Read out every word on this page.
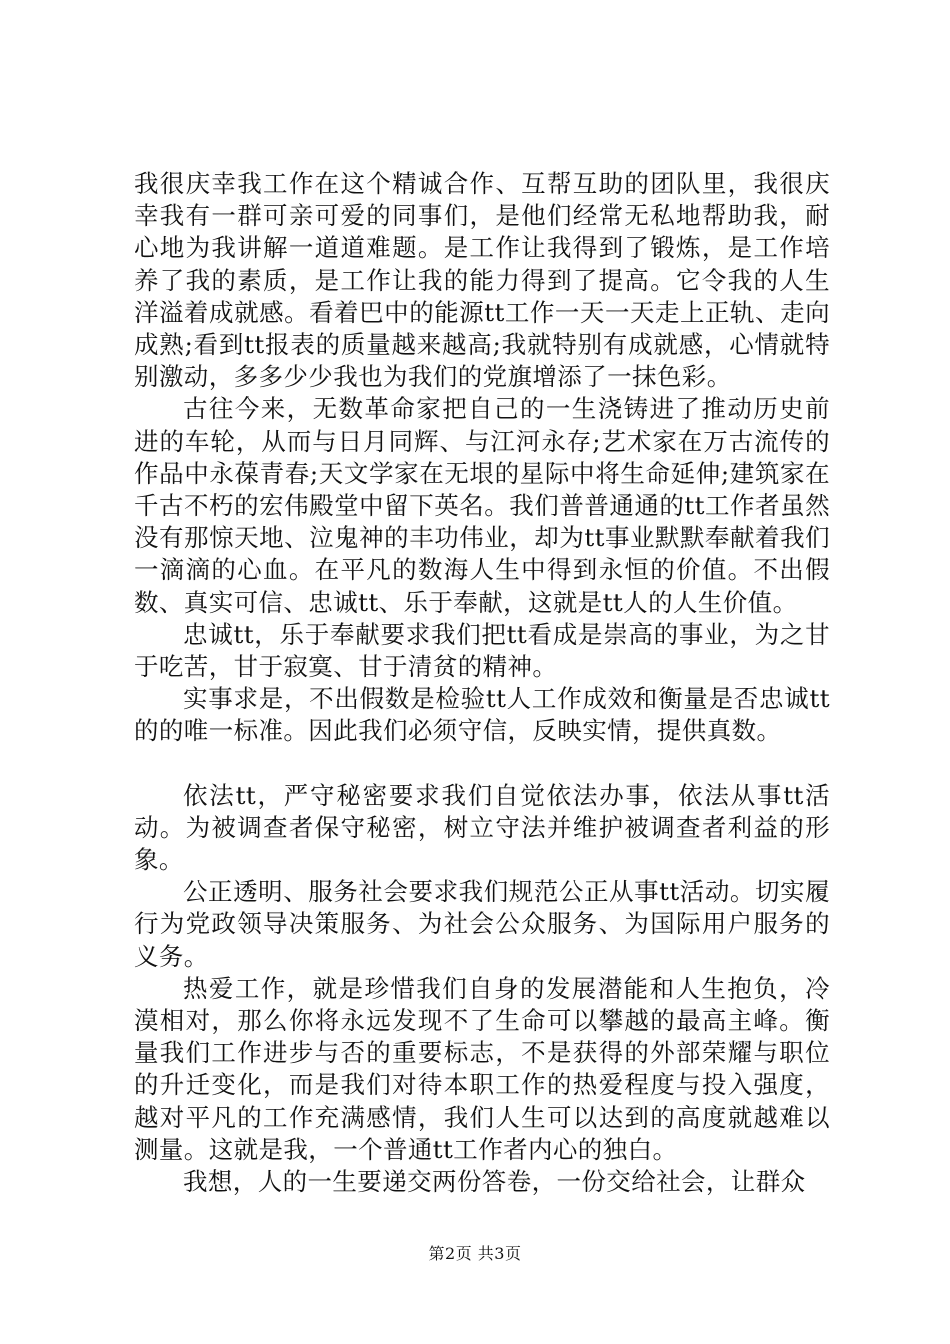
我很庆幸我工作在这个精诚合作、互帮互助的团队里，我很庆幸我有一群可亲可爱的同事们，是他们经常无私地帮助我，耐心地为我讲解一道道难题。是工作让我得到了锻炼，是工作培养了我的素质，是工作让我的能力得到了提高。它令我的人生洋溢着成就感。看着巴中的能源tt工作一天一天走上正轨、走向成熟;看到tt报表的质量越来越高;我就特别有成就感，心情就特别激动，多多少少我也为我们的党旗增添了一抹色彩。

古往今来，无数革命家把自己的一生浇铸进了推动历史前进的车轮，从而与日月同辉、与江河永存;艺术家在万古流传的作品中永葆青春;天文学家在无垠的星际中将生命延伸;建筑家在千古不朽的宏伟殿堂中留下英名。我们普普通通的tt工作者虽然没有那惊天地、泣鬼神的丰功伟业，却为tt事业默默奉献着我们一滴滴的心血。在平凡的数海人生中得到永恒的价值。不出假数、真实可信、忠诚tt、乐于奉献，这就是tt人的人生价值。

忠诚tt，乐于奉献要求我们把tt看成是崇高的事业，为之甘于吃苦，甘于寂寞、甘于清贫的精神。

实事求是，不出假数是检验tt人工作成效和衡量是否忠诚tt的的唯一标准。因此我们必须守信，反映实情，提供真数。

依法tt，严守秘密要求我们自觉依法办事，依法从事tt活动。为被调查者保守秘密，树立守法并维护被调查者利益的形象。

公正透明、服务社会要求我们规范公正从事tt活动。切实履行为党政领导决策服务、为社会公众服务、为国际用户服务的义务。

热爱工作，就是珍惜我们自身的发展潜能和人生抱负，冷漠相对，那么你将永远发现不了生命可以攀越的最高主峰。衡量我们工作进步与否的重要标志，不是获得的外部荣耀与职位的升迁变化，而是我们对待本职工作的热爱程度与投入强度，越对平凡的工作充满感情，我们人生可以达到的高度就越难以测量。这就是我，一个普通tt工作者内心的独白。

我想，人的一生要递交两份答卷，一份交给社会，让群众

第2页 共3页
